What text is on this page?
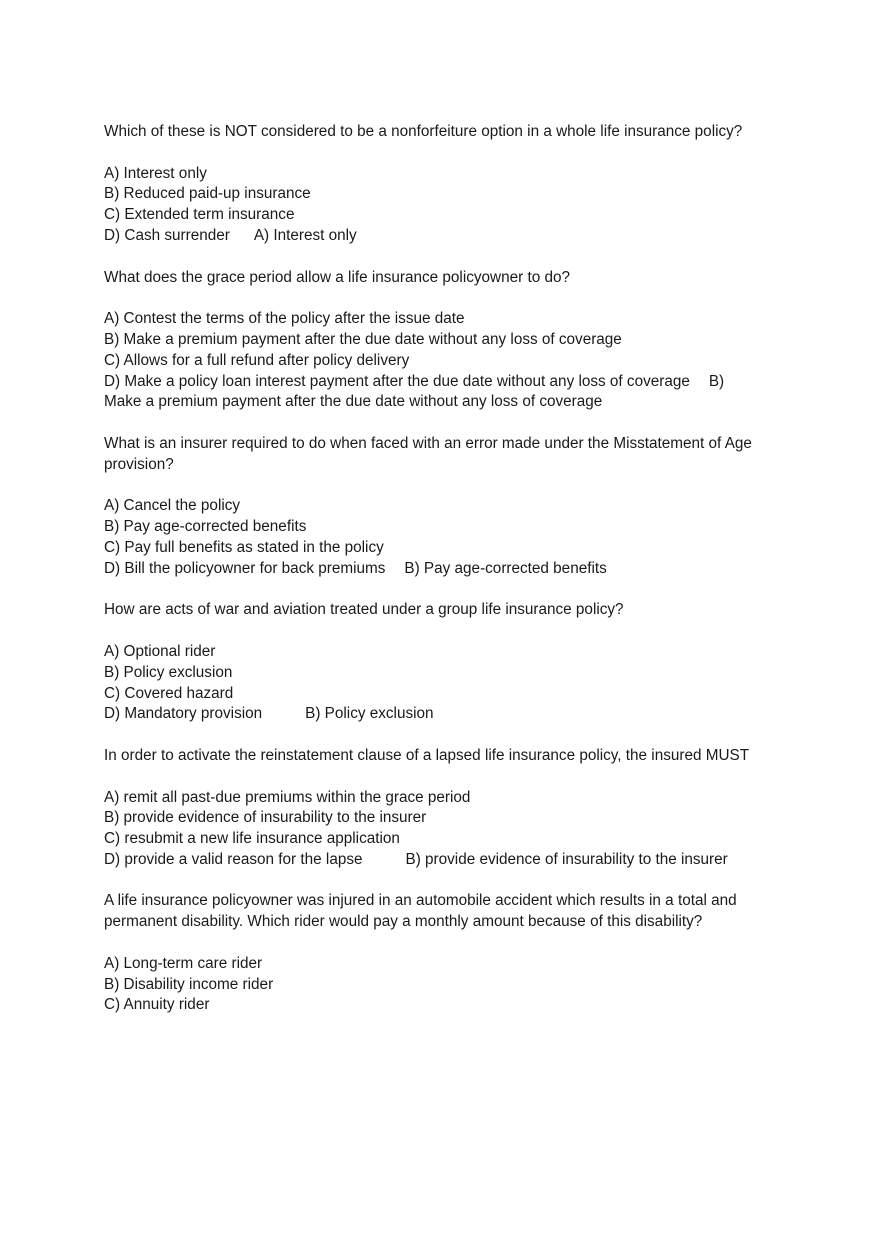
Which of these is NOT considered to be a nonforfeiture option in a whole life insurance policy?
A) Interest only
B) Reduced paid-up insurance
C) Extended term insurance
D) Cash surrender A) Interest only
What does the grace period allow a life insurance policyowner to do?
A) Contest the terms of the policy after the issue date
B) Make a premium payment after the due date without any loss of coverage
C) Allows for a full refund after policy delivery
D) Make a policy loan interest payment after the due date without any loss of coverage B)
Make a premium payment after the due date without any loss of coverage
What is an insurer required to do when faced with an error made under the Misstatement of Age provision?
A) Cancel the policy
B) Pay age-corrected benefits
C) Pay full benefits as stated in the policy
D) Bill the policyowner for back premiums B) Pay age-corrected benefits
How are acts of war and aviation treated under a group life insurance policy?
A) Optional rider
B) Policy exclusion
C) Covered hazard
D) Mandatory provision	B) Policy exclusion
In order to activate the reinstatement clause of a lapsed life insurance policy, the insured MUST
A) remit all past-due premiums within the grace period
B) provide evidence of insurability to the insurer
C) resubmit a new life insurance application
D) provide a valid reason for the lapse	B) provide evidence of insurability to the insurer
A life insurance policyowner was injured in an automobile accident which results in a total and permanent disability. Which rider would pay a monthly amount because of this disability?
A) Long-term care rider
B) Disability income rider
C) Annuity rider
